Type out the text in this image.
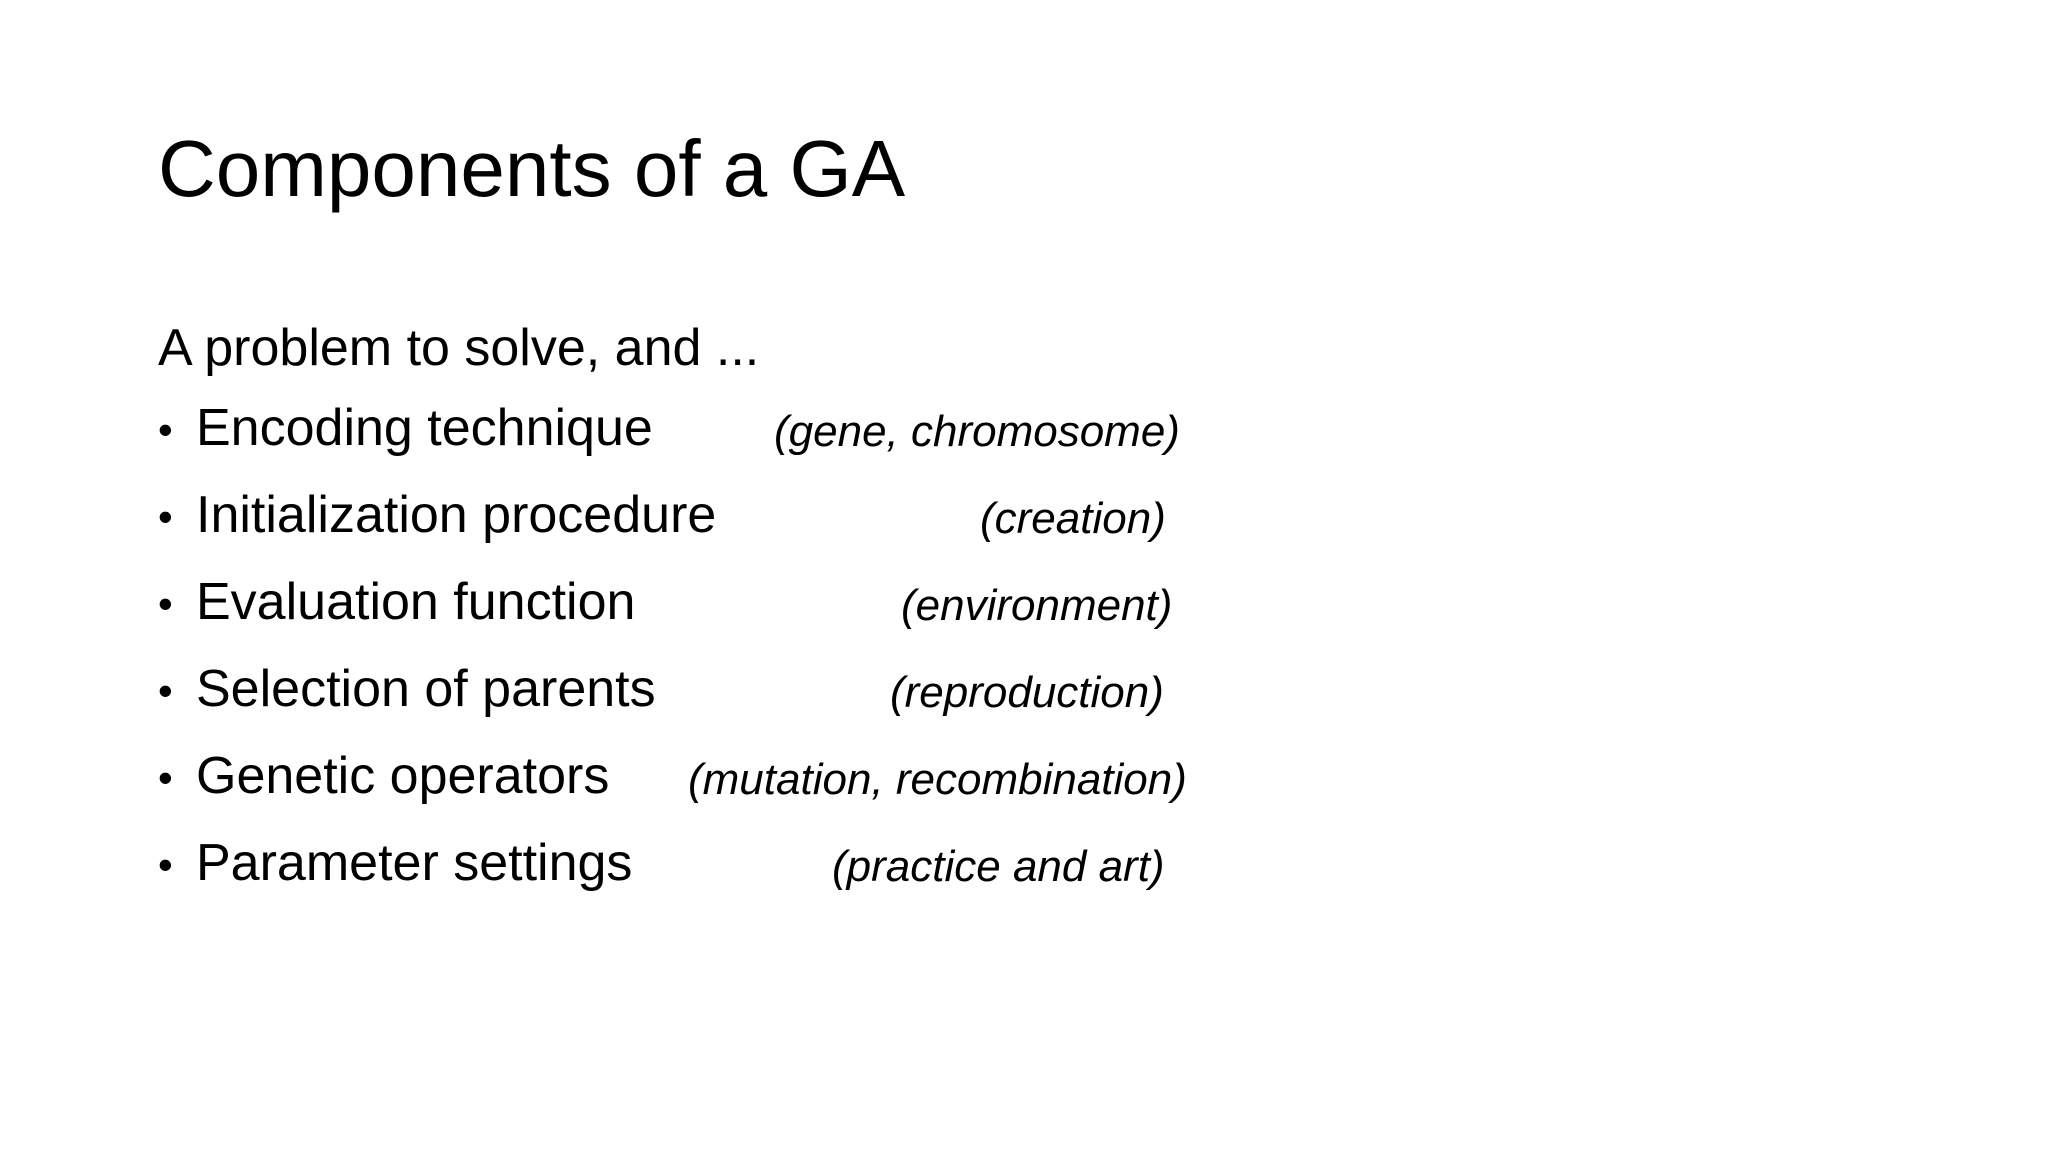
Components of a GA
A problem to solve, and ...
• Encoding technique	(gene, chromosome)
• Initialization procedure	(creation)
• Evaluation function	(environment)
• Selection of parents	(reproduction)
• Genetic operators (mutation, recombination)
• Parameter settings	(practice and art)
